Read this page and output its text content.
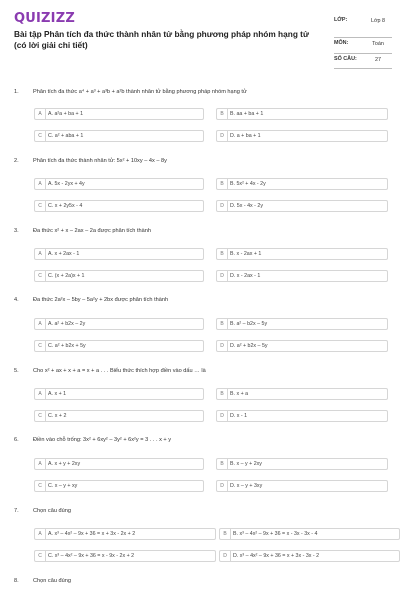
QUIZIZZ
Bài tập Phân tích đa thức thành nhân tử bằng phương pháp nhóm hạng tử (có lời giải chi tiết)
LỚP:	Lớp 8
MÔN:	Toán
SỐ CÂU:	27
1.	Phân tích đa thức a⁴ + a³ + a³b + a²b thành nhân tử bằng phương pháp nhóm hạng tử
A	A. a²a + ba + 1	B	B. aa + ba + 1
C	C. a² + aba + 1	D	D. a + ba + 1
2.	Phân tích đa thức thành nhân tử: 5x² + 10xy – 4x – 8y
A	A. 5x - 2yx + 4y	B	B. 5x² + 4x - 2y
C	C. x + 2y5x - 4	D	D. 5x - 4x - 2y
3.	Đa thức x² + x – 2ax – 2a được phân tích thành
A	A. x + 2ax - 1	B	B. x - 2ax + 1
C	C. (x + 2a)x + 1	D	D. x - 2ax - 1
4.	Đa thức 2a²x – 5by – 5a²y + 2bx được phân tích thành
A	A. a² + b2x – 2y	B	B. a² – b2x – 5y
C	C. a² + b2x + 5y	D	D. a² + b2x – 5y
5.	Cho x² + ax + x + a = x + a . . . Biểu thức thích hợp điền vào dấu … là
A	A. x + 1	B	B. x + a
C	C. x + 2	D	D. x - 1
6.	Điền vào chỗ trống: 3x² + 6xy² – 3y² + 6x²y = 3 . . . x + y
A	A. x + y + 2xy	B	B. x – y + 2xy
C	C. x – y + xy	D	D. x – y + 3xy
7.	Chọn câu đúng
A	A. x³ – 4x² – 9x + 36 = x + 3x - 2x + 2	B	B. x³ – 4x² – 9x + 36 = x - 3x - 3x - 4
C	C. x³ – 4x² – 9x + 36 = x - 9x - 2x + 2	D	D. x³ – 4x² – 9x + 36 = x + 3x - 3x - 2
8.	Chọn câu đúng
